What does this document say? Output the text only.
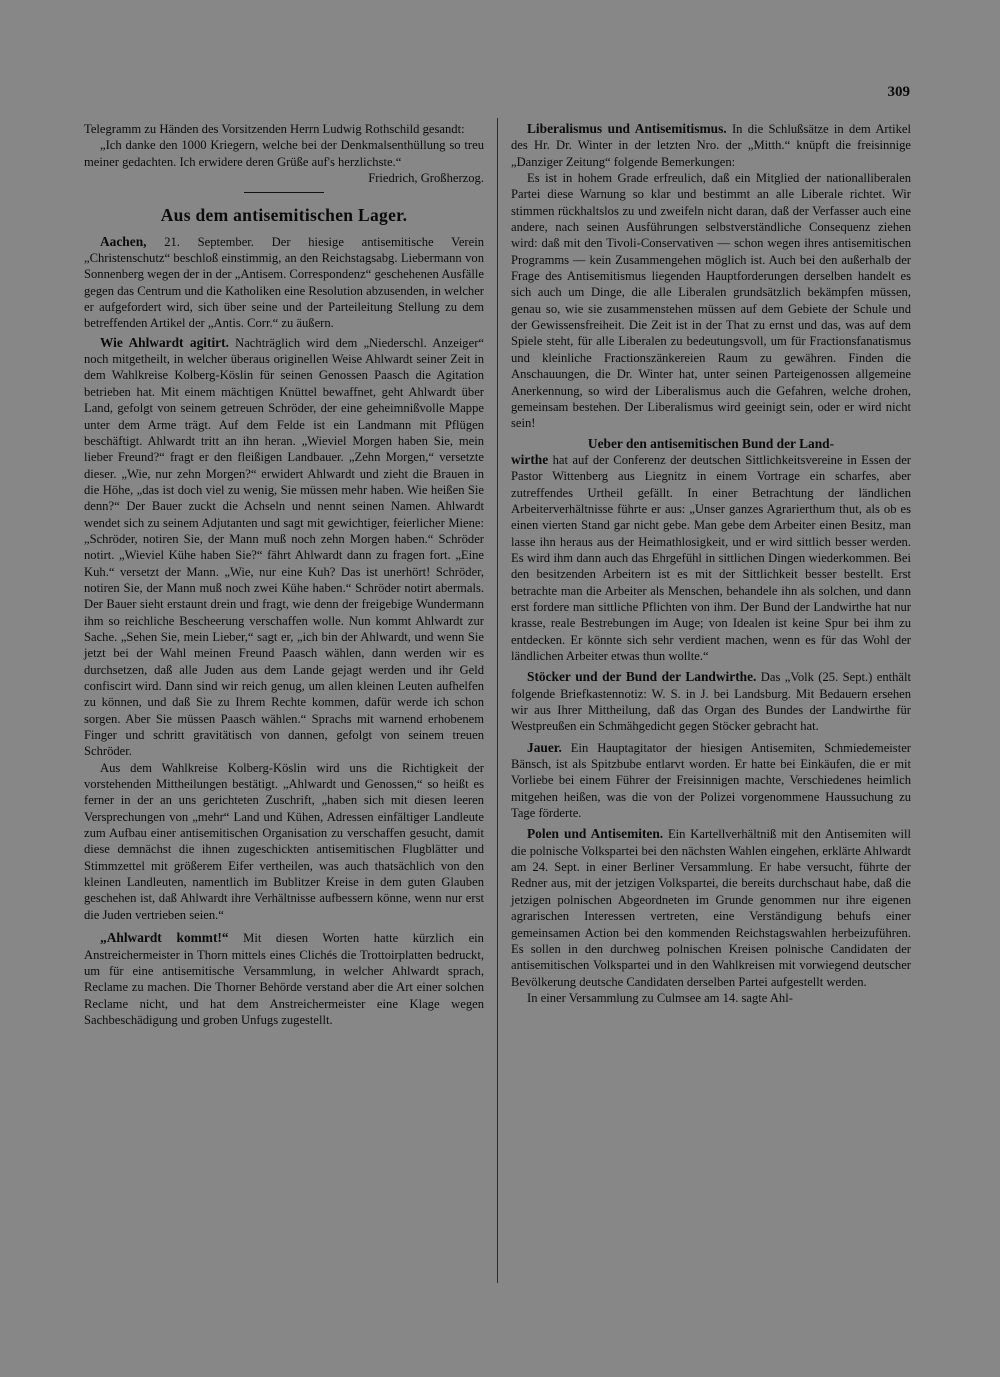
309

Telegramm zu Händen des Vorsitzenden Herrn Ludwig Rothschild gesandt:

„Ich danke den 1000 Kriegern, welche bei der Denkmalsenthüllung so treu meiner gedachten. Ich erwidere deren Grüße auf's herzlichste.“
Friedrich, Großherzog.

Aus dem antisemitischen Lager.

Aachen, 21. September. Der hiesige antisemitische Verein „Christenschutz“ beschloß einstimmig, an den Reichstagsabg. Liebermann von Sonnenberg wegen der in der „Antisem. Correspondenz“ geschehenen Ausfälle gegen das Centrum und die Katholiken eine Resolution abzusenden, in welcher er aufgefordert wird, sich über seine und der Parteileitung Stellung zu dem betreffenden Artikel der „Antis. Corr.“ zu äußern.

Wie Ahlwardt agitirt. Nachträglich wird dem „Niederschl. Anzeiger“ noch mitgetheilt, in welcher überaus originellen Weise Ahlwardt seiner Zeit in dem Wahlkreise Kolberg-Köslin für seinen Genossen Paasch die Agitation betrieben hat. Mit einem mächtigen Knüttel bewaffnet, geht Ahlwardt über Land, gefolgt von seinem getreuen Schröder, der eine geheimnißvolle Mappe unter dem Arme trägt. Auf dem Felde ist ein Landmann mit Pflügen beschäftigt. Ahlwardt tritt an ihn heran. „Wieviel Morgen haben Sie, mein lieber Freund?“ fragt er den fleißigen Landbauer. „Zehn Morgen,“ versetzte dieser. „Wie, nur zehn Morgen?“ erwidert Ahlwardt und zieht die Brauen in die Höhe, „das ist doch viel zu wenig, Sie müssen mehr haben. Wie heißen Sie denn?“ Der Bauer zuckt die Achseln und nennt seinen Namen. Ahlwardt wendet sich zu seinem Adjutanten und sagt mit gewichtiger, feierlicher Miene: „Schröder, notiren Sie, der Mann muß noch zehn Morgen haben.“ Schröder notirt. „Wieviel Kühe haben Sie?“ fährt Ahlwardt dann zu fragen fort. „Eine Kuh.“ versetzt der Mann. „Wie, nur eine Kuh? Das ist unerhört! Schröder, notiren Sie, der Mann muß noch zwei Kühe haben.“ Schröder notirt abermals. Der Bauer sieht erstaunt drein und fragt, wie denn der freigebige Wundermann ihm so reichliche Bescheerung verschaffen wolle. Nun kommt Ahlwardt zur Sache. „Sehen Sie, mein Lieber,“ sagt er, „ich bin der Ahlwardt, und wenn Sie jetzt bei der Wahl meinen Freund Paasch wählen, dann werden wir es durchsetzen, daß alle Juden aus dem Lande gejagt werden und ihr Geld confiscirt wird. Dann sind wir reich genug, um allen kleinen Leuten aufhelfen zu können, und daß Sie zu Ihrem Rechte kommen, dafür werde ich schon sorgen. Aber Sie müssen Paasch wählen.“ Sprachs mit warnend erhobenem Finger und schritt gravitätisch von dannen, gefolgt von seinem treuen Schröder.

Aus dem Wahlkreise Kolberg-Köslin wird uns die Richtigkeit der vorstehenden Mittheilungen bestätigt. „Ahlwardt und Genossen,“ so heißt es ferner in der an uns gerichteten Zuschrift, „haben sich mit diesen leeren Versprechungen von „mehr“ Land und Kühen, Adressen einfältiger Landleute zum Aufbau einer antisemitischen Organisation zu verschaffen gesucht, damit diese demnächst die ihnen zugeschickten antisemitischen Flugblätter und Stimmzettel mit größerem Eifer vertheilen, was auch thatsächlich von den kleinen Landleuten, namentlich im Bublitzer Kreise in dem guten Glauben geschehen ist, daß Ahlwardt ihre Verhältnisse aufbessern könne, wenn nur erst die Juden vertrieben seien.“

„Ahlwardt kommt!“ Mit diesen Worten hatte kürzlich ein Anstreichermeister in Thorn mittels eines Clichés die Trottoirplatten bedruckt, um für eine antisemitische Versammlung, in welcher Ahlwardt sprach, Reclame zu machen. Die Thorner Behörde verstand aber die Art einer solchen Reclame nicht, und hat dem Anstreichermeister eine Klage wegen Sachbeschädigung und groben Unfugs zugestellt.

Liberalismus und Antisemitismus. In die Schlußsätze in dem Artikel des Hr. Dr. Winter in der letzten Nro. der „Mitth.“ knüpft die freisinnige „Danziger Zeitung“ folgende Bemerkungen:

Es ist in hohem Grade erfreulich, daß ein Mitglied der nationalliberalen Partei diese Warnung so klar und bestimmt an alle Liberale richtet. Wir stimmen rückhaltslos zu und zweifeln nicht daran, daß der Verfasser auch eine andere, nach seinen Ausführungen selbstverständliche Consequenz ziehen wird: daß mit den Tivoli-Conservativen — schon wegen ihres antisemitischen Programms — kein Zusammengehen möglich ist. Auch bei den außerhalb der Frage des Antisemitismus liegenden Hauptforderungen derselben handelt es sich auch um Dinge, die alle Liberalen grundsätzlich bekämpfen müssen, genau so, wie sie zusammenstehen müssen auf dem Gebiete der Schule und der Gewissensfreiheit. Die Zeit ist in der That zu ernst und das, was auf dem Spiele steht, für alle Liberalen zu bedeutungsvoll, um für Fractionsfanatismus und kleinliche Fractionszänkereien Raum zu gewähren. Finden die Anschauungen, die Dr. Winter hat, unter seinen Parteigenossen allgemeine Anerkennung, so wird der Liberalismus auch die Gefahren, welche drohen, gemeinsam bestehen. Der Liberalismus wird geeinigt sein, oder er wird nicht sein!

Ueber den antisemitischen Bund der Land-

wirthe hat auf der Conferenz der deutschen Sittlichkeitsvereine in Essen der Pastor Wittenberg aus Liegnitz in einem Vortrage ein scharfes, aber zutreffendes Urtheil gefällt. In einer Betrachtung der ländlichen Arbeiterverhältnisse führte er aus: „Unser ganzes Agrarierthum thut, als ob es einen vierten Stand gar nicht gebe. Man gebe dem Arbeiter einen Besitz, man lasse ihn heraus aus der Heimathlosigkeit, und er wird sittlich besser werden. Es wird ihm dann auch das Ehrgefühl in sittlichen Dingen wiederkommen. Bei den besitzenden Arbeitern ist es mit der Sittlichkeit besser bestellt. Erst betrachte man die Arbeiter als Menschen, behandele ihn als solchen, und dann erst fordere man sittliche Pflichten von ihm. Der Bund der Landwirthe hat nur krasse, reale Bestrebungen im Auge; von Idealen ist keine Spur bei ihm zu entdecken. Er könnte sich sehr verdient machen, wenn es für das Wohl der ländlichen Arbeiter etwas thun wollte.“

Stöcker und der Bund der Landwirthe. Das „Volk (25. Sept.) enthält folgende Briefkastennotiz: W. S. in J. bei Landsburg. Mit Bedauern ersehen wir aus Ihrer Mittheilung, daß das Organ des Bundes der Landwirthe für Westpreußen ein Schmähgedicht gegen Stöcker gebracht hat.

Jauer. Ein Hauptagitator der hiesigen Antisemiten, Schmiedemeister Bänsch, ist als Spitzbube entlarvt worden. Er hatte bei Einkäufen, die er mit Vorliebe bei einem Führer der Freisinnigen machte, Verschiedenes heimlich mitgehen heißen, was die von der Polizei vorgenommene Haussuchung zu Tage förderte.

Polen und Antisemiten. Ein Kartellverhältniß mit den Antisemiten will die polnische Volkspartei bei den nächsten Wahlen eingehen, erklärte Ahlwardt am 24. Sept. in einer Berliner Versammlung. Er habe versucht, führte der Redner aus, mit der jetzigen Volkspartei, die bereits durchschaut habe, daß die jetzigen polnischen Abgeordneten im Grunde genommen nur ihre eigenen agrarischen Interessen vertreten, eine Verständigung behufs einer gemeinsamen Action bei den kommenden Reichstagswahlen herbeizuführen. Es sollen in den durchweg polnischen Kreisen polnische Candidaten der antisemitischen Volkspartei und in den Wahlkreisen mit vorwiegend deutscher Bevölkerung deutsche Candidaten derselben Partei aufgestellt werden.

In einer Versammlung zu Culmsee am 14. sagte Ahl-
